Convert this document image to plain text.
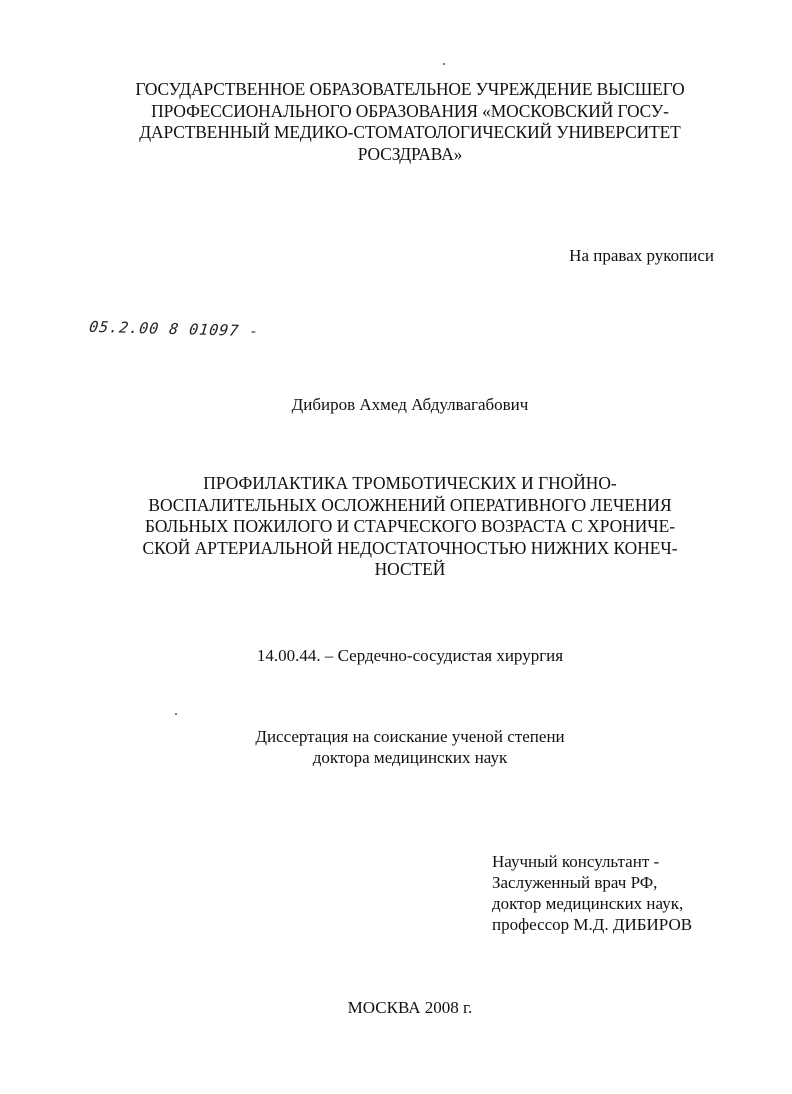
ГОСУДАРСТВЕННОЕ ОБРАЗОВАТЕЛЬНОЕ УЧРЕЖДЕНИЕ ВЫСШЕГО
ПРОФЕССИОНАЛЬНОГО ОБРАЗОВАНИЯ «МОСКОВСКИЙ ГОСУ-
ДАРСТВЕННЫЙ МЕДИКО-СТОМАТОЛОГИЧЕСКИЙ УНИВЕРСИТЕТ
РОСЗДРАВА»
На правах рукописи
05.2.00 8 01097 -
Дибиров Ахмед Абдулвагабович
ПРОФИЛАКТИКА ТРОМБОТИЧЕСКИХ И ГНОЙНО-
ВОСПАЛИТЕЛЬНЫХ ОСЛОЖНЕНИЙ ОПЕРАТИВНОГО ЛЕЧЕНИЯ
БОЛЬНЫХ ПОЖИЛОГО И СТАРЧЕСКОГО ВОЗРАСТА С ХРОНИЧЕ-
СКОЙ АРТЕРИАЛЬНОЙ НЕДОСТАТОЧНОСТЬЮ НИЖНИХ КОНЕЧ-
НОСТЕЙ
14.00.44. – Сердечно-сосудистая хирургия
Диссертация на соискание ученой степени
доктора медицинских наук
Научный консультант -
Заслуженный врач РФ,
доктор медицинских наук,
профессор М.Д. ДИБИРОВ
МОСКВА 2008 г.
